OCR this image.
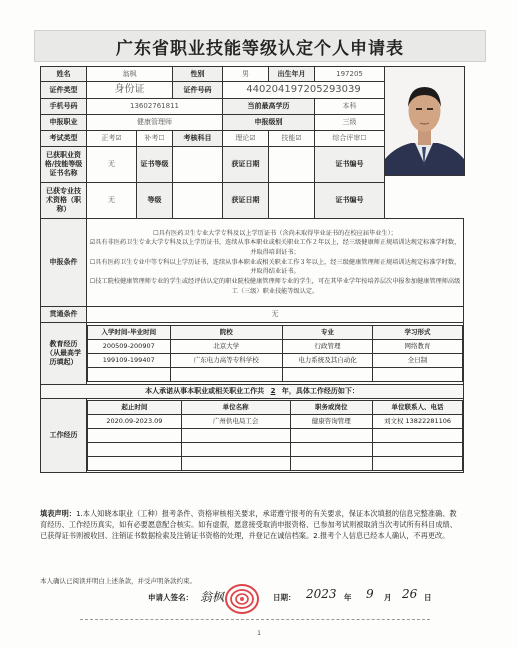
广东省职业技能等级认定个人申请表
姓名	翁枫	性别	男	出生年月	197205	
证件类型	身份证	证件号码	440204197205293039
手机号码	13602761811	当前最高学历	本科
申报职业	健康管理师	申报级别	三级
考试类型	正考☑	补考☐	考核科目	理论☑	技能☑	综合评审☐
已获职业资格/技能等级证书名称	无	证书等级		获证日期		证书编号
已获专业技术资格（职称）	无	等级		获证日期		证书编号
申报条件	
☐具有医药卫生专业大学专科及以上学历证书（含尚未取得毕业证书的在校应届毕业生）；
☑具有非医药卫生专业大学专科及以上学历证书，连续从事本职业或相关职业工作２年以上，经三级健康师正规培训达规定标准学时数，并取得培训证书；
☐具有医药卫生专业中等专科以上学历证书，连续从事本职业或相关职业工作３年以上，经三级健康管理师正规培训达规定标准学时数，并取得结业证书。
☐技工院校健康管理师专业的学生或经评估认定的职业院校健康管理师专业的学生，可在其毕业学年按培养层次申报参加健康管理师高级工（三级）职业技能等级认定。

贯通条件	无
教育经历（从最高学历填起）	
入学时间-毕业时间	院校	专业	学习形式
200509-200907	北京大学	行政管理	网络教育
199109-199407	广东电力高等专科学校	电力系统及其自动化	全日制

本人承诺从事本职业或相关职业工作共 2 年，具体工作经历如下：
工作经历	
起止时间	单位名称	职务或岗位	单位联系人、电话
2020.09-2023.09	广州供电局工会	健康咨询管理	刘文权 13822281106

填表声明：1.本人知晓本职业（工种）报考条件、资格审核相关要求，承诺遵守报考的有关要求，保证本次填报的信息完整准确、教育经历、工作经历真实，如有必要愿意配合核实。如有虚假，愿意接受取消申报资格、已参加考试则被取消当次考试所有科目成绩、已获得证书则被收回、注销证书数据检索及注销证书资格的处理，并登记在诚信档案。2.报考个人信息已经本人确认，不再更改。
本人确认已阅读并明白上述条款，并受声明条款约束。
申请人签名： 翁枫	日期： 2023 年 9 月 26 日
1
